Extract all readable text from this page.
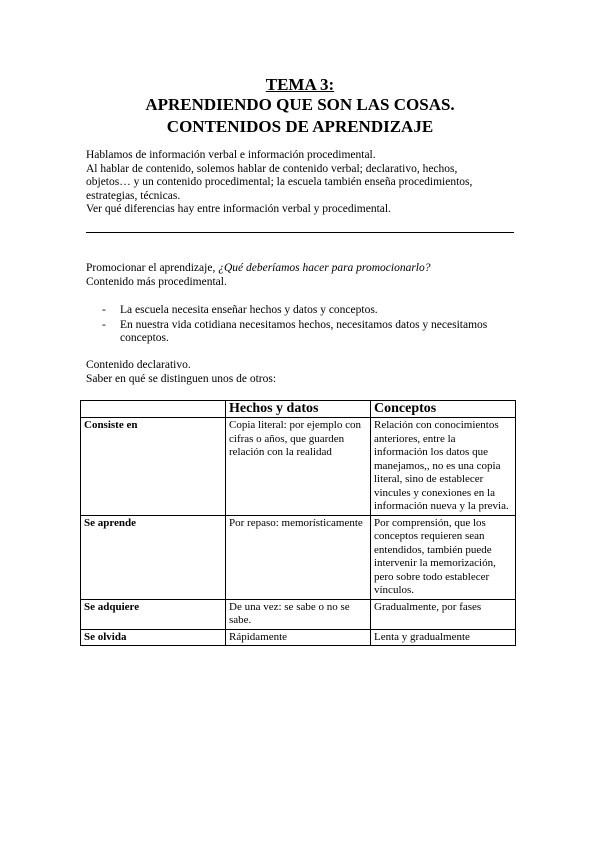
TEMA 3:
APRENDIENDO QUE SON LAS COSAS.
CONTENIDOS DE APRENDIZAJE
Hablamos de información verbal e información procedimental.
Al hablar de contenido, solemos hablar de contenido verbal; declarativo, hechos,
objetos… y un contenido procedimental; la escuela también enseña procedimientos,
estrategias, técnicas.
Ver qué diferencias hay entre información verbal y procedimental.
Promocionar el aprendizaje, ¿Qué deberíamos hacer para promocionarlo?
Contenido más procedimental.
- La escuela necesita enseñar hechos y datos y conceptos.
- En nuestra vida cotidiana necesitamos hechos, necesitamos datos y necesitamos conceptos.
Contenido declarativo.
Saber en qué se distinguen unos de otros:
	Hechos y datos	Conceptos
Consiste en	Copia literal: por ejemplo con cifras o años, que guarden relación con la realidad	Relación con conocimientos anteriores, entre la información los datos que manejamos,, no es una copia literal, sino de establecer vincules y conexiones en la información nueva y la previa.
Se aprende	Por repaso: memorísticamente	Por comprensión, que los conceptos requieren sean entendidos, también puede intervenir la memorización, pero sobre todo establecer vínculos.
Se adquiere	De una vez: se sabe o no se sabe.	Gradualmente, por fases
Se olvida	Rápidamente	Lenta y gradualmente
